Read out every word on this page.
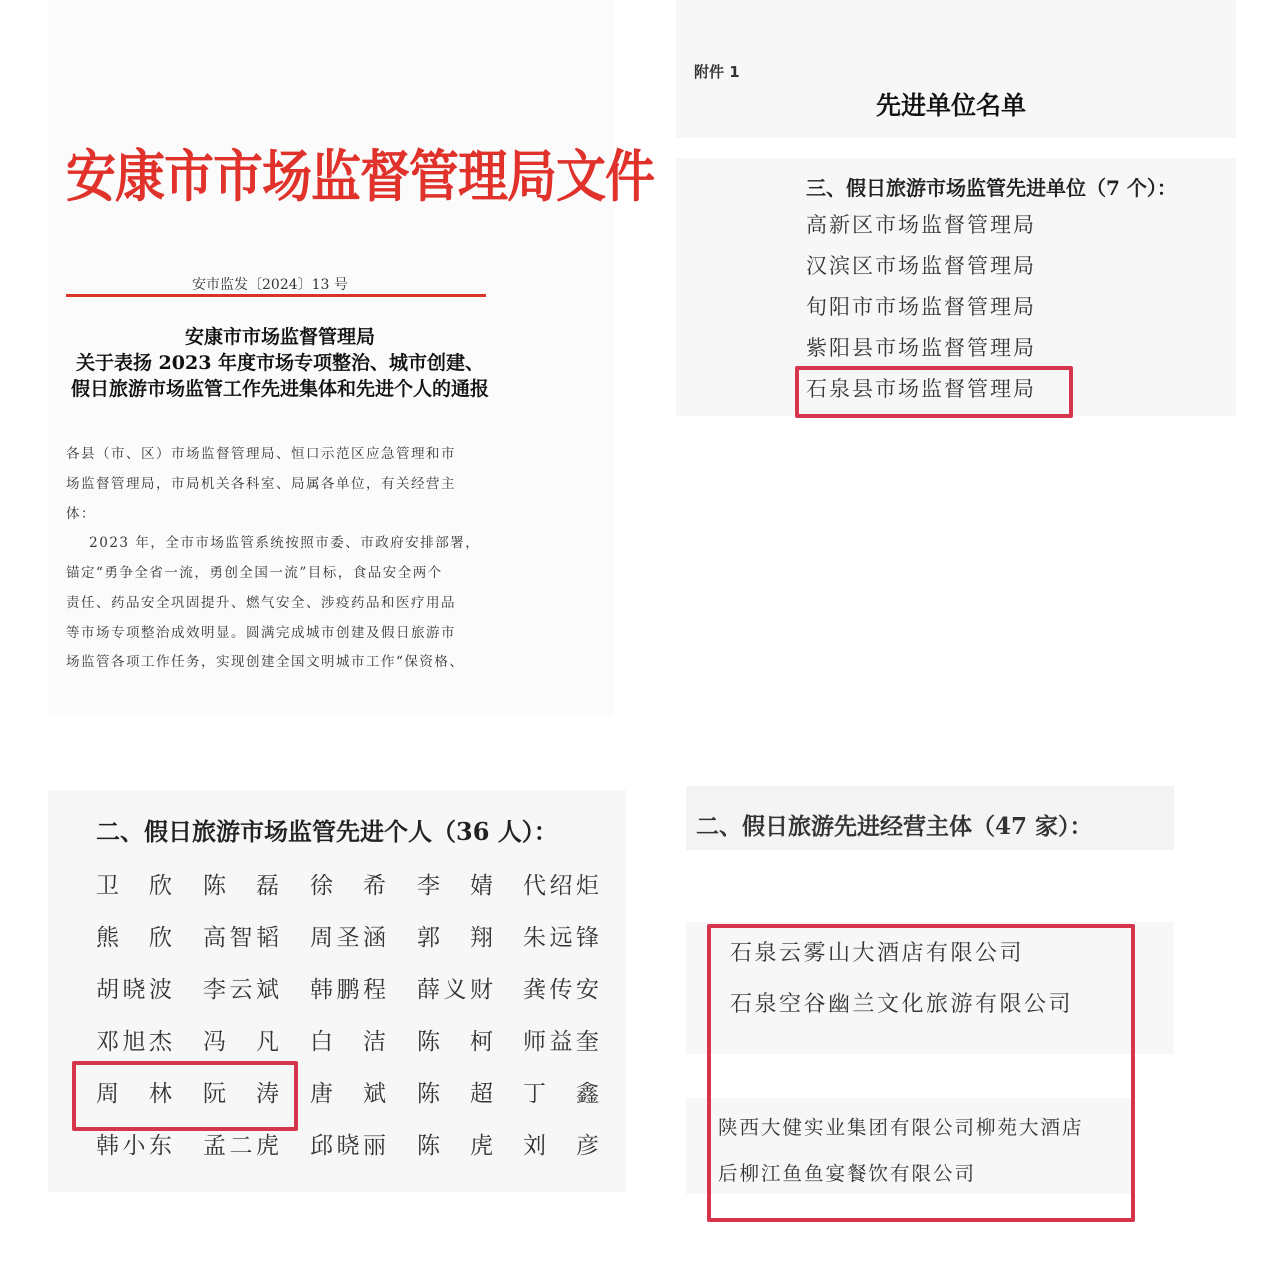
安康市市场监督管理局文件
安市监发〔2024〕13 号
安康市市场监督管理局
关于表扬 2023 年度市场专项整治、城市创建、
假日旅游市场监管工作先进集体和先进个人的通报
各县（市、区）市场监督管理局、恒口示范区应急管理和市
场监督管理局，市局机关各科室、局属各单位，有关经营主
体：
2023 年，全市市场监管系统按照市委、市政府安排部署，
锚定“勇争全省一流，勇创全国一流”目标，食品安全两个
责任、药品安全巩固提升、燃气安全、涉疫药品和医疗用品
等市场专项整治成效明显。圆满完成城市创建及假日旅游市
场监管各项工作任务，实现创建全国文明城市工作“保资格、
附件 1
先进单位名单
三、假日旅游市场监管先进单位（7 个）：
高新区市场监督管理局
汉滨区市场监督管理局
旬阳市市场监督管理局
紫阳县市场监督管理局
石泉县市场监督管理局
二、假日旅游市场监管先进个人（36 人）：
卫 欣 陈 磊 徐 希 李 婧 代绍炬
熊 欣 高智韬 周圣涵 郭 翔 朱远锋
胡晓波 李云斌 韩鹏程 薛义财 龚传安
邓旭杰 冯 凡 白 洁 陈 柯 师益奎
周 林 阮 涛 唐 斌 陈 超 丁 鑫
韩小东 孟二虎 邱晓丽 陈 虎 刘 彦
二、假日旅游先进经营主体（47 家）：
石泉云雾山大酒店有限公司
石泉空谷幽兰文化旅游有限公司
陕西大健实业集团有限公司柳苑大酒店
后柳江鱼鱼宴餐饮有限公司
